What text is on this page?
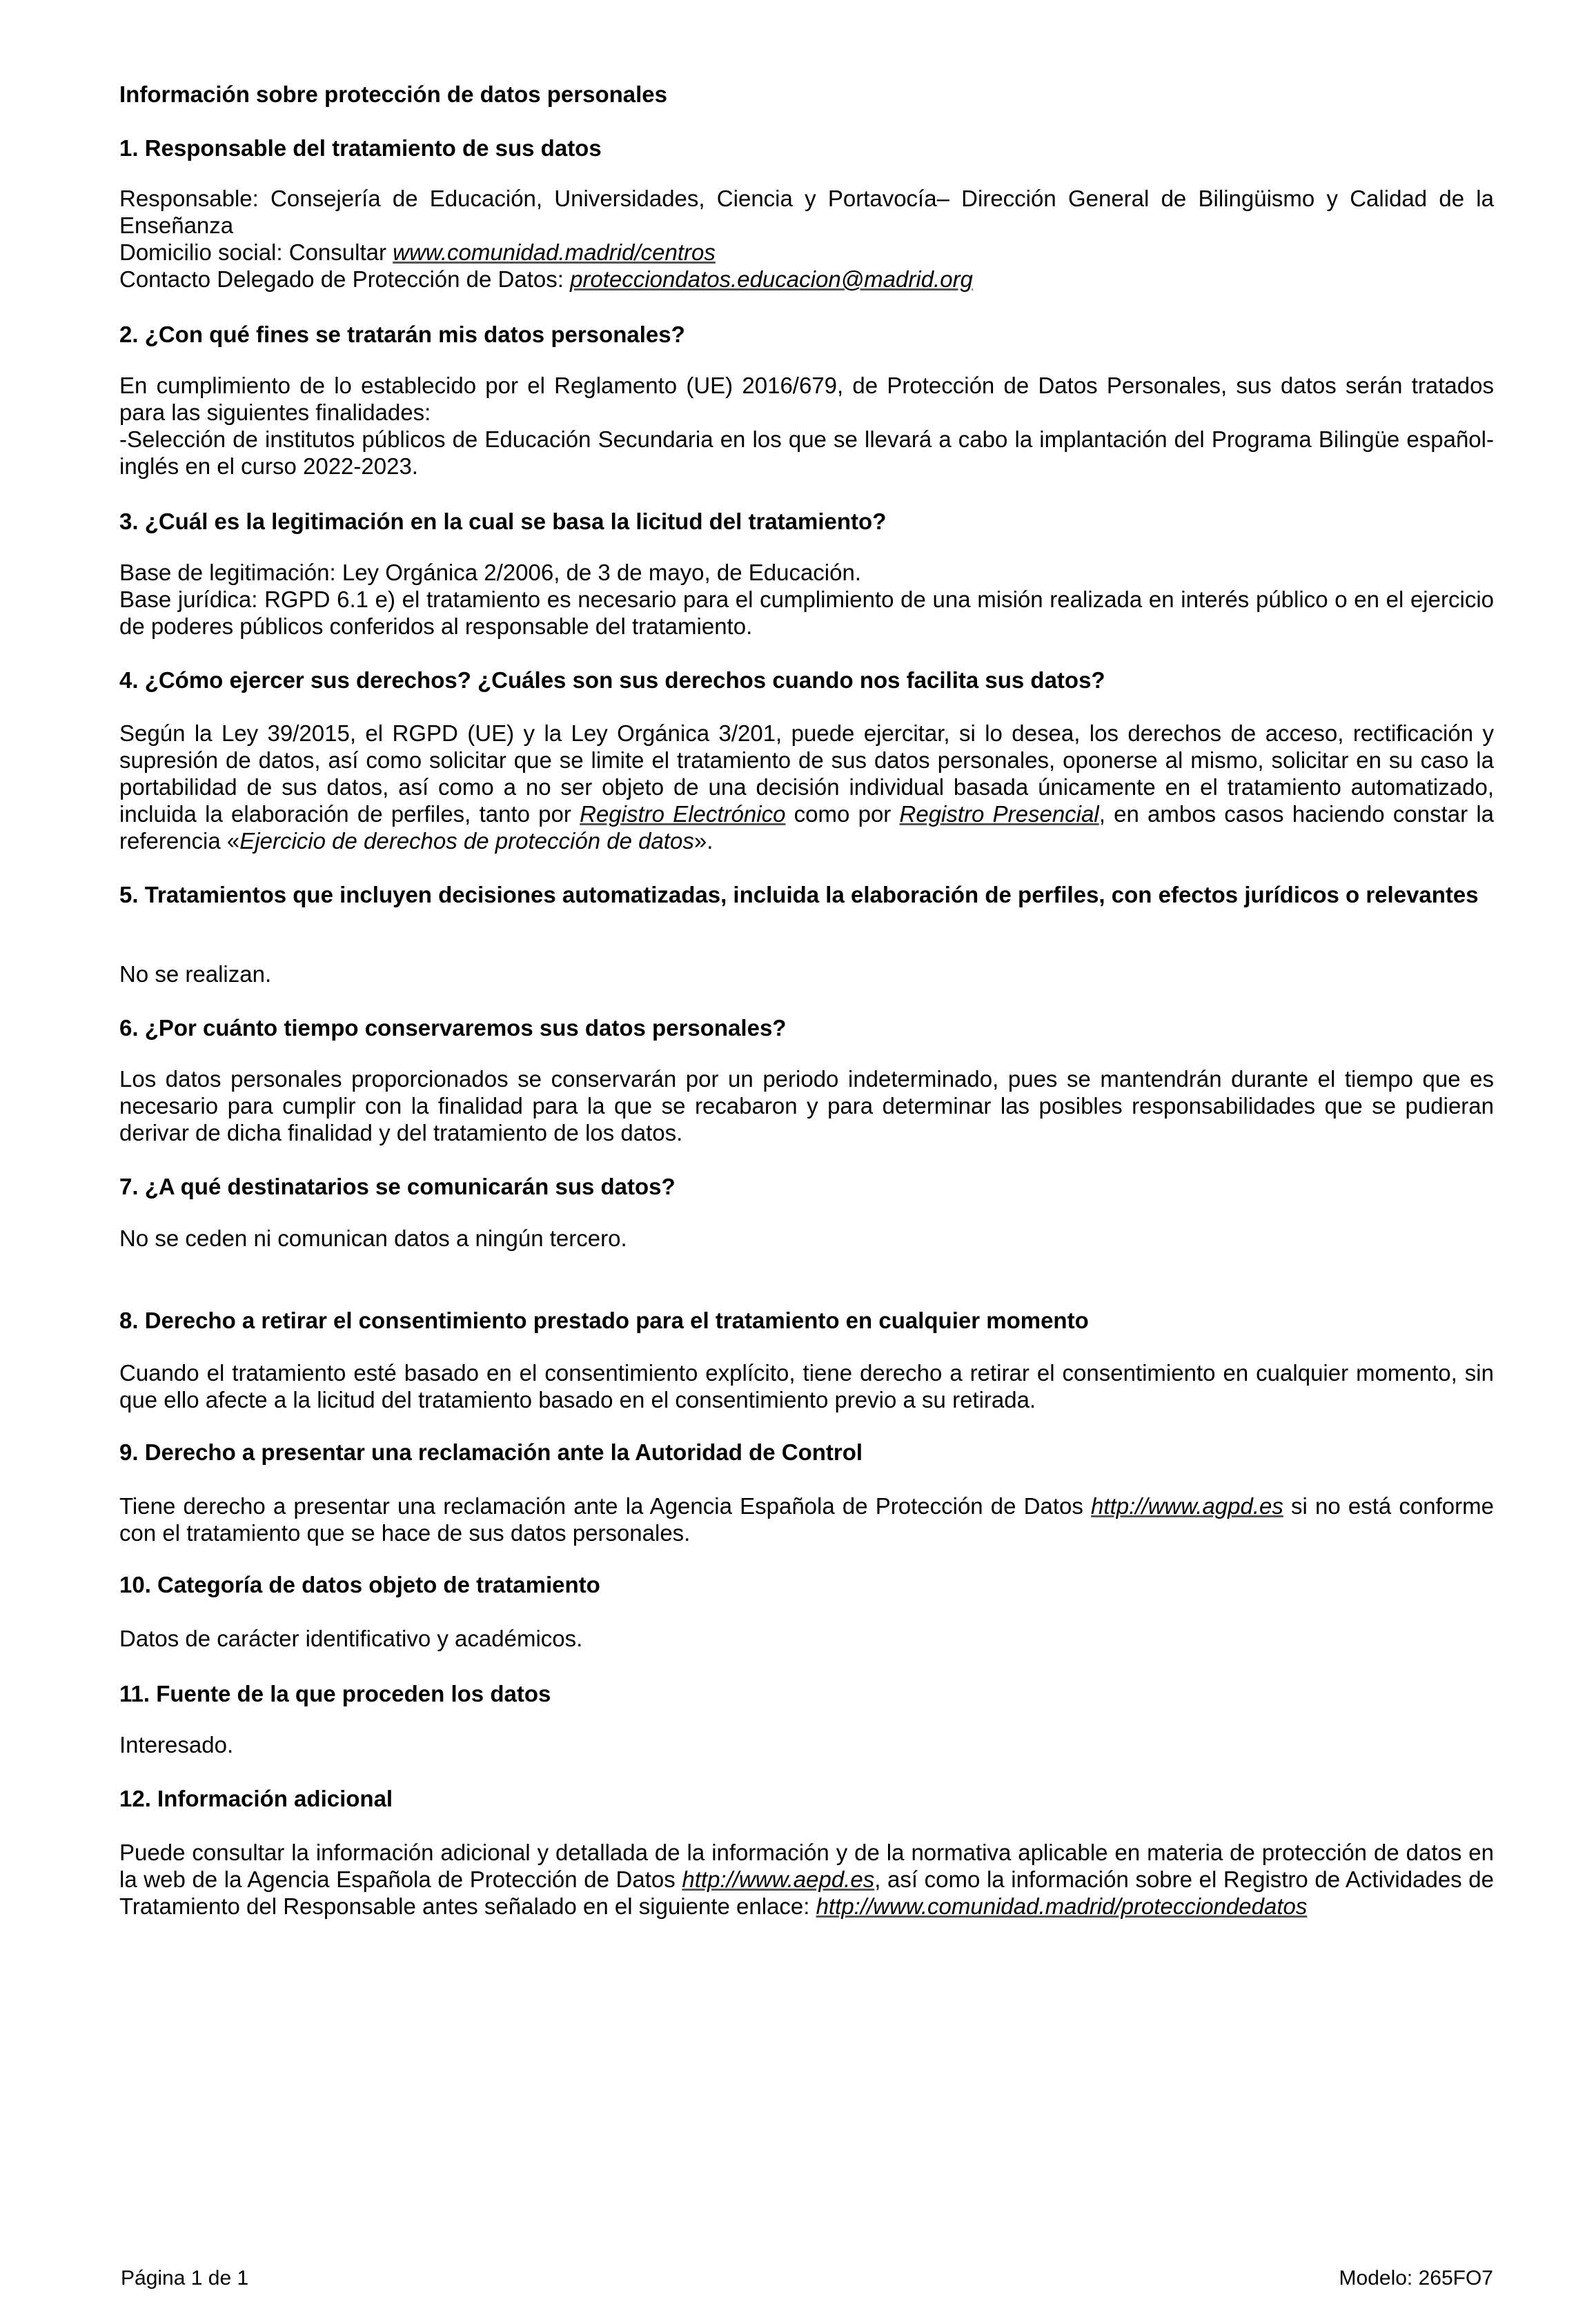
Información sobre protección de datos personales
1. Responsable del tratamiento de sus datos

Responsable: Consejería de Educación, Universidades, Ciencia y Portavocía– Dirección General de Bilingüismo y Calidad de la Enseñanza

Domicilio social: Consultar www.comunidad.madrid/centros

Contacto Delegado de Protección de Datos: protecciondatos.educacion@madrid.org

2. ¿Con qué fines se tratarán mis datos personales?

En cumplimiento de lo establecido por el Reglamento (UE) 2016/679, de Protección de Datos Personales, sus datos serán tratados para las siguientes finalidades:

-Selección de institutos públicos de Educación Secundaria en los que se llevará a cabo la implantación del Programa Bilingüe español-inglés en el curso 2022-2023.

3. ¿Cuál es la legitimación en la cual se basa la licitud del tratamiento?

Base de legitimación: Ley Orgánica 2/2006, de 3 de mayo, de Educación.

Base jurídica: RGPD 6.1 e) el tratamiento es necesario para el cumplimiento de una misión realizada en interés público o en el ejercicio de poderes públicos conferidos al responsable del tratamiento.

4. ¿Cómo ejercer sus derechos? ¿Cuáles son sus derechos cuando nos facilita sus datos?

Según la Ley 39/2015, el RGPD (UE) y la Ley Orgánica 3/201, puede ejercitar, si lo desea, los derechos de acceso, rectificación y supresión de datos, así como solicitar que se limite el tratamiento de sus datos personales, oponerse al mismo, solicitar en su caso la portabilidad de sus datos, así como a no ser objeto de una decisión individual basada únicamente en el tratamiento automatizado, incluida la elaboración de perfiles, tanto por Registro Electrónico como por Registro Presencial, en ambos casos haciendo constar la referencia «Ejercicio de derechos de protección de datos».

5. Tratamientos que incluyen decisiones automatizadas, incluida la elaboración de perfiles, con efectos jurídicos o relevantes

No se realizan.

6. ¿Por cuánto tiempo conservaremos sus datos personales?

Los datos personales proporcionados se conservarán por un periodo indeterminado, pues se mantendrán durante el tiempo que es necesario para cumplir con la finalidad para la que se recabaron y para determinar las posibles responsabilidades que se pudieran derivar de dicha finalidad y del tratamiento de los datos.

7. ¿A qué destinatarios se comunicarán sus datos?

No se ceden ni comunican datos a ningún tercero.

8. Derecho a retirar el consentimiento prestado para el tratamiento en cualquier momento

Cuando el tratamiento esté basado en el consentimiento explícito, tiene derecho a retirar el consentimiento en cualquier momento, sin que ello afecte a la licitud del tratamiento basado en el consentimiento previo a su retirada.

9. Derecho a presentar una reclamación ante la Autoridad de Control

Tiene derecho a presentar una reclamación ante la Agencia Española de Protección de Datos http://www.agpd.es si no está conforme con el tratamiento que se hace de sus datos personales.

10. Categoría de datos objeto de tratamiento

Datos de carácter identificativo y académicos.

11. Fuente de la que proceden los datos

Interesado.

12. Información adicional

Puede consultar la información adicional y detallada de la información y de la normativa aplicable en materia de protección de datos en la web de la Agencia Española de Protección de Datos http://www.aepd.es, así como la información sobre el Registro de Actividades de Tratamiento del Responsable antes señalado en el siguiente enlace: http://www.comunidad.madrid/protecciondedatos

Página 1 de 1	Modelo: 265FO7
